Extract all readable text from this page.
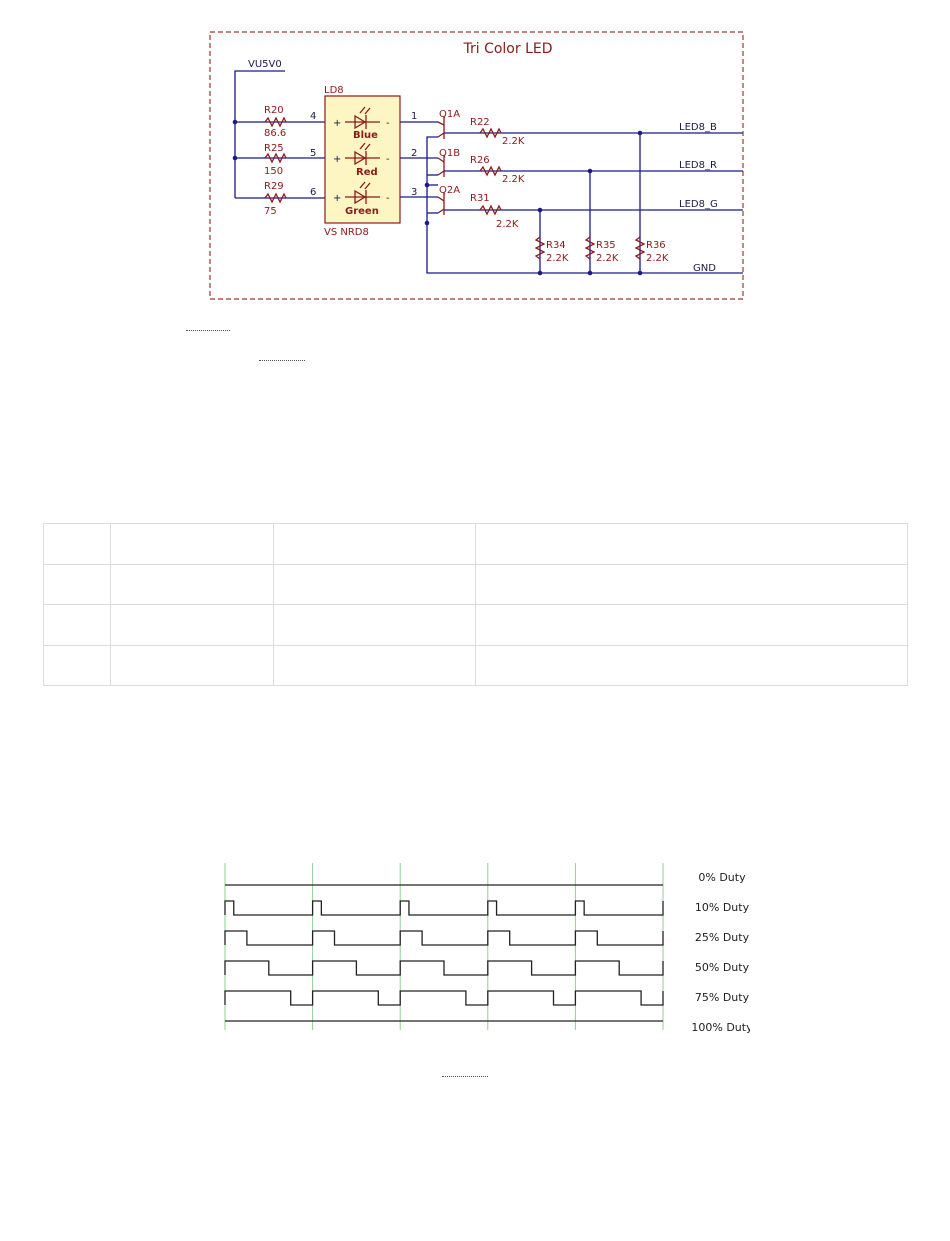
Tri Color LED
VU5V0
R20
86.6
R25
150
R29
75
LD8
VS NRD8
4
5
6
+
+
+
-
-
-
Blue
Red
Green
1
2
3
Q1A
Q1B
Q2A
GND
R22
2.2K
R26
2.2K
R31
2.2K
R34
2.2K
R35
2.2K
R36
2.2K
LED8_B
LED8_R
LED8_G

0% Duty
10% Duty
25% Duty
50% Duty
75% Duty
100% Duty
